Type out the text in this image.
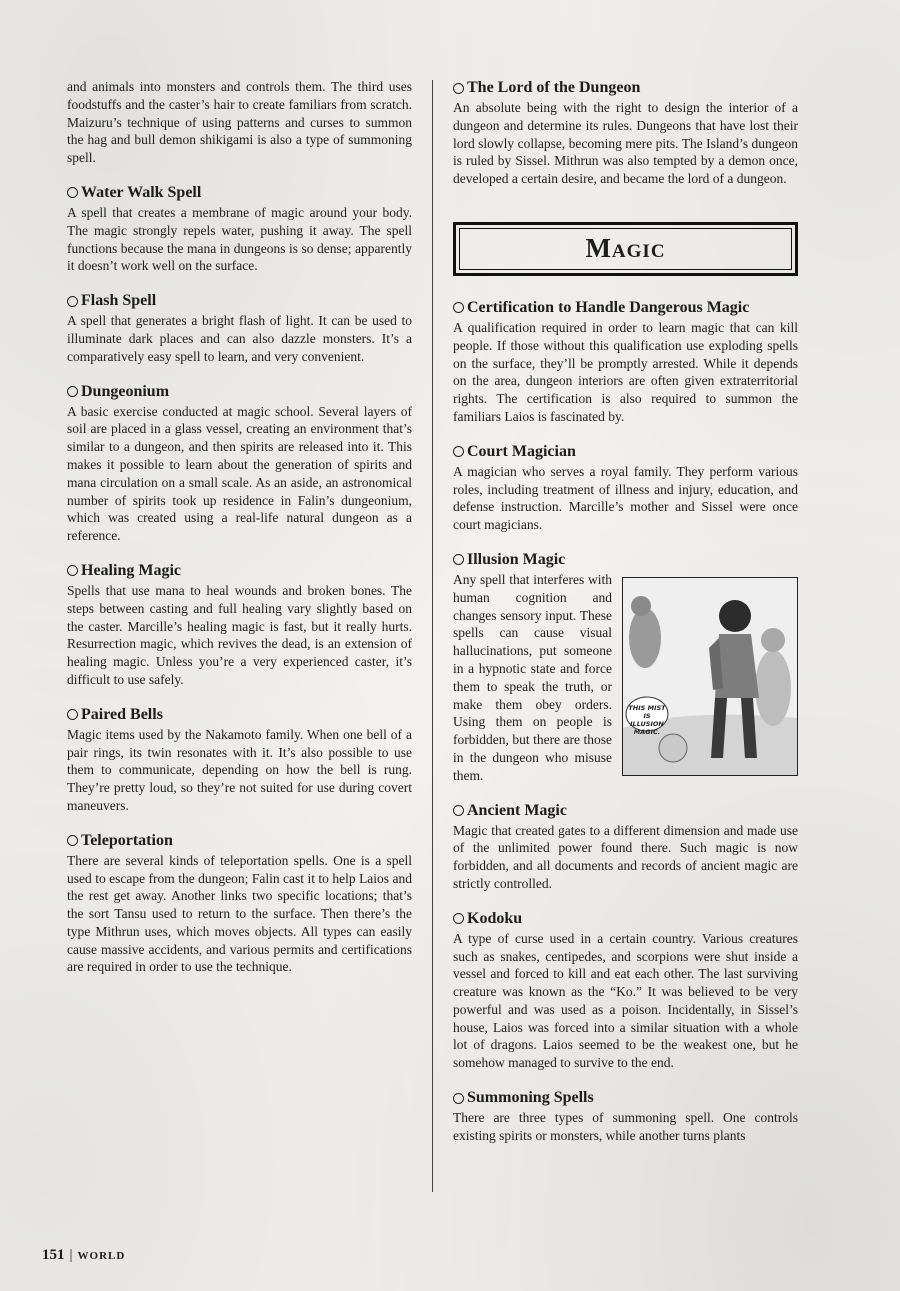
and animals into monsters and controls them. The third uses foodstuffs and the caster’s hair to create familiars from scratch. Maizuru’s technique of using patterns and curses to summon the hag and bull demon shikigami is also a type of summoning spell.

Water Walk Spell

A spell that creates a membrane of magic around your body. The magic strongly repels water, pushing it away. The spell functions because the mana in dungeons is so dense; apparently it doesn’t work well on the surface.

Flash Spell

A spell that generates a bright flash of light. It can be used to illuminate dark places and can also dazzle monsters. It’s a comparatively easy spell to learn, and very convenient.

Dungeonium

A basic exercise conducted at magic school. Several layers of soil are placed in a glass vessel, creating an environment that’s similar to a dungeon, and then spirits are released into it. This makes it possible to learn about the generation of spirits and mana circulation on a small scale. As an aside, an astronomical number of spirits took up residence in Falin’s dungeonium, which was created using a real-life natural dungeon as a reference.

Healing Magic

Spells that use mana to heal wounds and broken bones. The steps between casting and full healing vary slightly based on the caster. Marcille’s healing magic is fast, but it really hurts. Resurrection magic, which revives the dead, is an extension of healing magic. Unless you’re a very experienced caster, it’s difficult to use safely.

Paired Bells

Magic items used by the Nakamoto family. When one bell of a pair rings, its twin resonates with it. It’s also possible to use them to communicate, depending on how the bell is rung. They’re pretty loud, so they’re not suited for use during covert maneuvers.

Teleportation

There are several kinds of teleportation spells. One is a spell used to escape from the dungeon; Falin cast it to help Laios and the rest get away. Another links two specific locations; that’s the sort Tansu used to return to the surface. Then there’s the type Mithrun uses, which moves objects. All types can easily cause massive accidents, and various permits and certifications are required in order to use the technique.

The Lord of the Dungeon

An absolute being with the right to design the interior of a dungeon and determine its rules. Dungeons that have lost their lord slowly collapse, becoming mere pits. The Island’s dungeon is ruled by Sissel. Mithrun was also tempted by a demon once, developed a certain desire, and became the lord of a dungeon.

Magic
Certification to Handle Dangerous Magic

A qualification required in order to learn magic that can kill people. If those without this qualification use exploding spells on the surface, they’ll be promptly arrested. While it depends on the area, dungeon interiors are often given extraterritorial rights. The certification is also required to summon the familiars Laios is fascinated by.

Court Magician

A magician who serves a royal family. They perform various roles, including treatment of illness and injury, education, and defense instruction. Marcille’s mother and Sissel were once court magicians.

Illusion Magic
THIS MIST IS ILLUSION MAGIC.

Any spell that interferes with human cognition and changes sensory input. These spells can cause visual hallucinations, put someone in a hypnotic state and force them to speak the truth, or make them obey orders. Using them on people is forbidden, but there are those in the dungeon who misuse them.

Ancient Magic

Magic that created gates to a different dimension and made use of the unlimited power found there. Such magic is now forbidden, and all documents and records of ancient magic are strictly controlled.

Kodoku

A type of curse used in a certain country. Various creatures such as snakes, centipedes, and scorpions were shut inside a vessel and forced to kill and eat each other. The last surviving creature was known as the “Ko.” It was believed to be very powerful and was used as a poison. Incidentally, in Sissel’s house, Laios was forced into a similar situation with a whole lot of dragons. Laios seemed to be the weakest one, but he somehow managed to survive to the end.

Summoning Spells

There are three types of summoning spell. One controls existing spirits or monsters, while another turns plants

151 | WORLD
